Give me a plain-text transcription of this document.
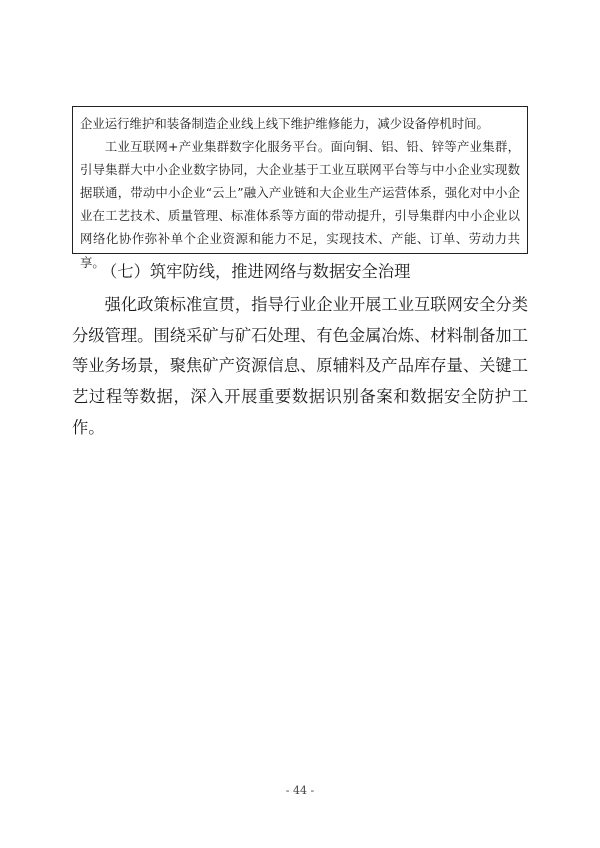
企业运行维护和装备制造企业线上线下维护维修能力，减少设备停机时间。

工业互联网+产业集群数字化服务平台。面向铜、铝、铅、锌等产业集群，引导集群大中小企业数字协同，大企业基于工业互联网平台等与中小企业实现数据联通，带动中小企业“云上”融入产业链和大企业生产运营体系，强化对中小企业在工艺技术、质量管理、标准体系等方面的带动提升，引导集群内中小企业以网络化协作弥补单个企业资源和能力不足，实现技术、产能、订单、劳动力共享。

（七）筑牢防线，推进网络与数据安全治理

强化政策标准宣贯，指导行业企业开展工业互联网安全分类分级管理。围绕采矿与矿石处理、有色金属冶炼、材料制备加工等业务场景，聚焦矿产资源信息、原辅料及产品库存量、关键工艺过程等数据，深入开展重要数据识别备案和数据安全防护工作。

- 44 -
